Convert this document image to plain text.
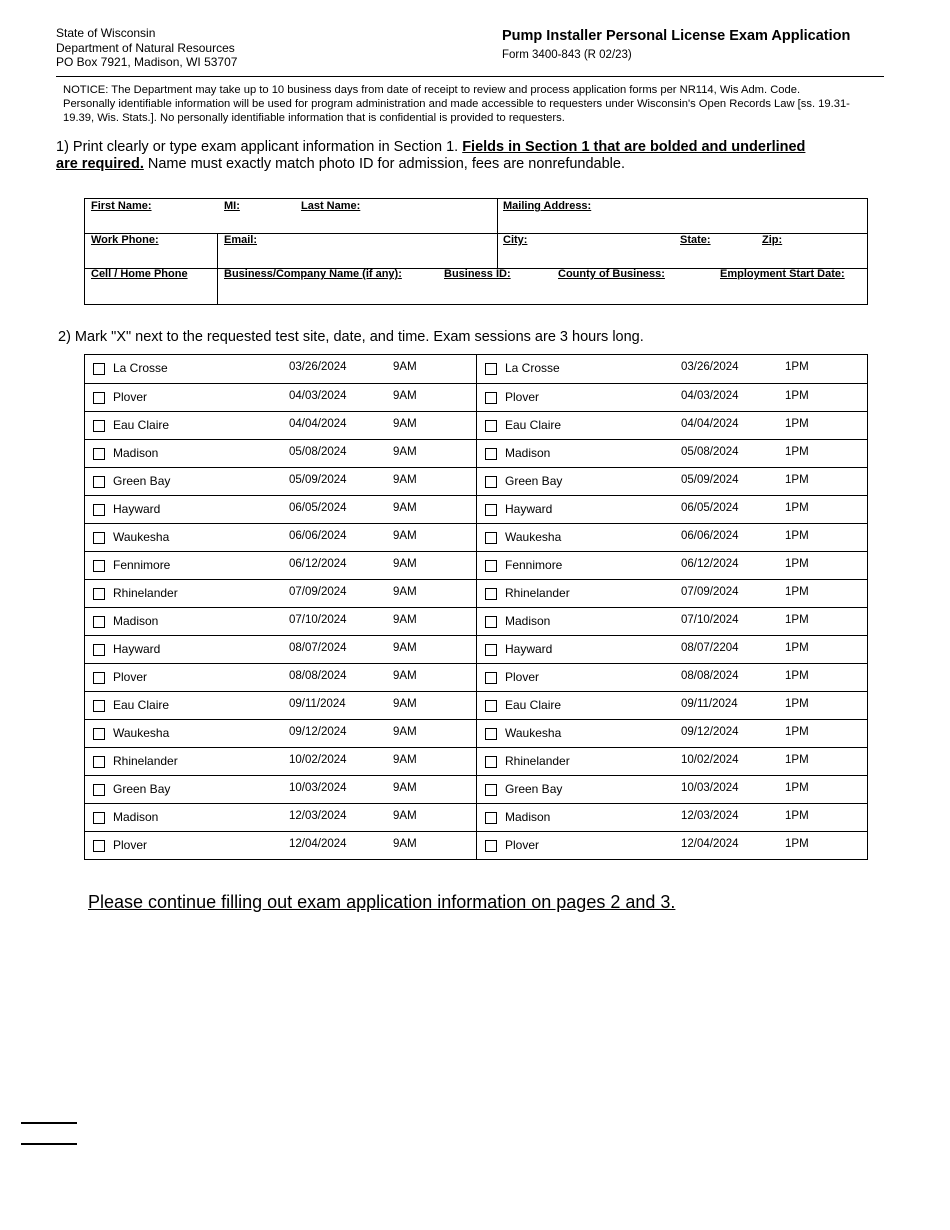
State of Wisconsin
Department of Natural Resources
PO Box 7921, Madison, WI 53707
Pump Installer Personal License Exam Application
Form 3400-843 (R 02/23)
NOTICE: The Department may take up to 10 business days from date of receipt to review and process application forms per NR114, Wis Adm. Code. Personally identifiable information will be used for program administration and made accessible to requesters under Wisconsin's Open Records Law [ss. 19.31-19.39, Wis. Stats.]. No personally identifiable information that is confidential is provided to requesters.
1) Print clearly or type exam applicant information in Section 1. Fields in Section 1 that are bolded and underlined are required. Name must exactly match photo ID for admission, fees are nonrefundable.
First Name:	MI:	Last Name:	Mailing Address:
Work Phone:	Email:	City:	State:	Zip:
Cell / Home Phone	Business/Company Name (if any):	Business ID:	County of Business:	Employment Start Date:
2) Mark "X" next to the requested test site, date, and time. Exam sessions are 3 hours long.
La Crosse	03/26/2024	9AM	La Crosse	03/26/2024	1PM
Plover	04/03/2024	9AM	Plover	04/03/2024	1PM
Eau Claire	04/04/2024	9AM	Eau Claire	04/04/2024	1PM
Madison	05/08/2024	9AM	Madison	05/08/2024	1PM
Green Bay	05/09/2024	9AM	Green Bay	05/09/2024	1PM
Hayward	06/05/2024	9AM	Hayward	06/05/2024	1PM
Waukesha	06/06/2024	9AM	Waukesha	06/06/2024	1PM
Fennimore	06/12/2024	9AM	Fennimore	06/12/2024	1PM
Rhinelander	07/09/2024	9AM	Rhinelander	07/09/2024	1PM
Madison	07/10/2024	9AM	Madison	07/10/2024	1PM
Hayward	08/07/2024	9AM	Hayward	08/07/2204	1PM
Plover	08/08/2024	9AM	Plover	08/08/2024	1PM
Eau Claire	09/11/2024	9AM	Eau Claire	09/11/2024	1PM
Waukesha	09/12/2024	9AM	Waukesha	09/12/2024	1PM
Rhinelander	10/02/2024	9AM	Rhinelander	10/02/2024	1PM
Green Bay	10/03/2024	9AM	Green Bay	10/03/2024	1PM
Madison	12/03/2024	9AM	Madison	12/03/2024	1PM
Plover	12/04/2024	9AM	Plover	12/04/2024	1PM
Please continue filling out exam application information on pages 2 and 3.
